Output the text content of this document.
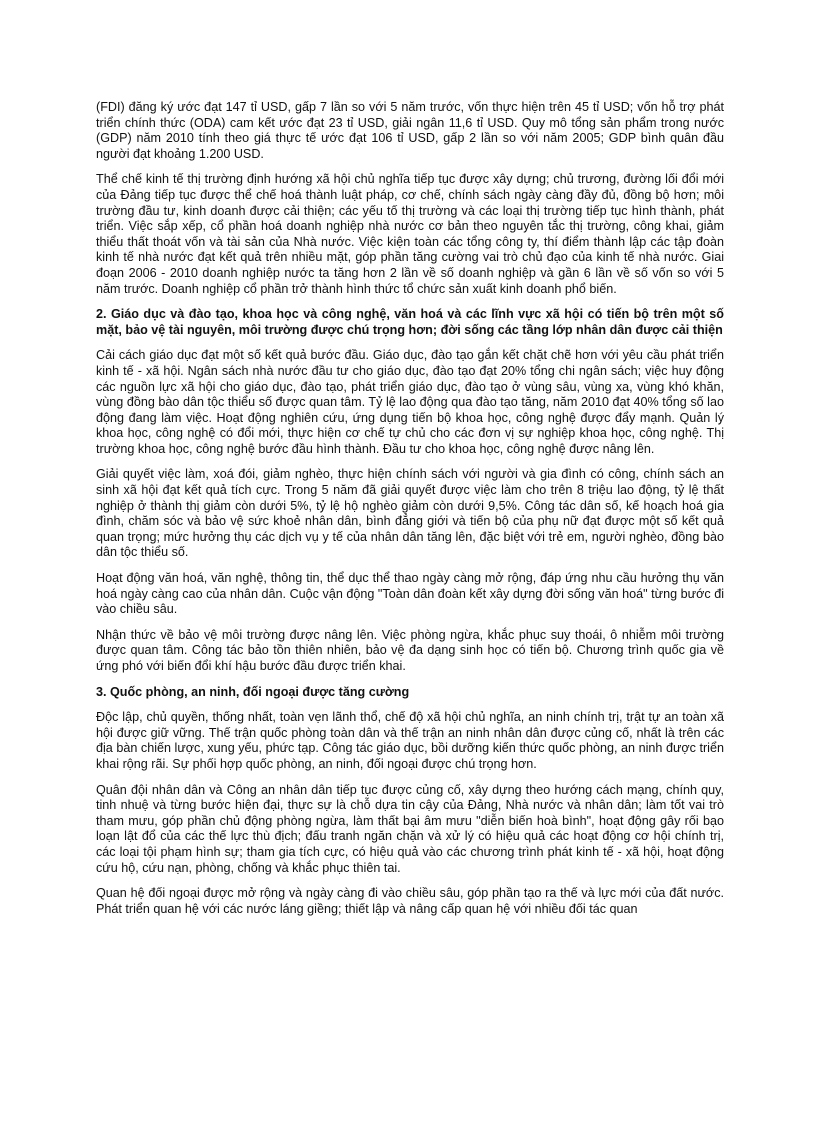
(FDI) đăng ký ước đạt 147 tỉ USD, gấp 7 lần so với 5 năm trước, vốn thực hiện trên 45 tỉ USD; vốn hỗ trợ phát triển chính thức (ODA) cam kết ước đạt 23 tỉ USD, giải ngân 11,6 tỉ USD. Quy mô tổng sản phẩm trong nước (GDP) năm 2010 tính theo giá thực tế ước đạt 106 tỉ USD, gấp 2 lần so với năm 2005; GDP bình quân đầu người đạt khoảng 1.200 USD.

Thể chế kinh tế thị trường định hướng xã hội chủ nghĩa tiếp tục được xây dựng; chủ trương, đường lối đổi mới của Đảng tiếp tục được thể chế hoá thành luật pháp, cơ chế, chính sách ngày càng đầy đủ, đồng bộ hơn; môi trường đầu tư, kinh doanh được cải thiện; các yếu tố thị trường và các loại thị trường tiếp tục hình thành, phát triển. Việc sắp xếp, cổ phần hoá doanh nghiệp nhà nước cơ bản theo nguyên tắc thị trường, công khai, giảm thiểu thất thoát vốn và tài sản của Nhà nước. Việc kiện toàn các tổng công ty, thí điểm thành lập các tập đoàn kinh tế nhà nước đạt kết quả trên nhiều mặt, góp phần tăng cường vai trò chủ đạo của kinh tế nhà nước. Giai đoạn 2006 - 2010 doanh nghiệp nước ta tăng hơn 2 lần về số doanh nghiệp và gần 6 lần về số vốn so với 5 năm trước. Doanh nghiệp cổ phần trở thành hình thức tổ chức sản xuất kinh doanh phổ biến.

2. Giáo dục và đào tạo, khoa học và công nghệ, văn hoá và các lĩnh vực xã hội có tiến bộ trên một số mặt, bảo vệ tài nguyên, môi trường được chú trọng hơn; đời sống các tầng lớp nhân dân được cải thiện

Cải cách giáo dục đạt một số kết quả bước đầu. Giáo dục, đào tạo gắn kết chặt chẽ hơn với yêu cầu phát triển kinh tế - xã hội. Ngân sách nhà nước đầu tư cho giáo dục, đào tạo đạt 20% tổng chi ngân sách; việc huy động các nguồn lực xã hội cho giáo dục, đào tạo, phát triển giáo dục, đào tạo ở vùng sâu, vùng xa, vùng khó khăn, vùng đồng bào dân tộc thiểu số được quan tâm. Tỷ lệ lao động qua đào tạo tăng, năm 2010 đạt 40% tổng số lao động đang làm việc. Hoạt động nghiên cứu, ứng dụng tiến bộ khoa học, công nghệ được đẩy mạnh. Quản lý khoa học, công nghệ có đổi mới, thực hiện cơ chế tự chủ cho các đơn vị sự nghiệp khoa học, công nghệ. Thị trường khoa học, công nghệ bước đầu hình thành. Đầu tư cho khoa học, công nghệ được nâng lên.

Giải quyết việc làm, xoá đói, giảm nghèo, thực hiện chính sách với người và gia đình có công, chính sách an sinh xã hội đạt kết quả tích cực. Trong 5 năm đã giải quyết được việc làm cho trên 8 triệu lao động, tỷ lệ thất nghiệp ở thành thị giảm còn dưới 5%, tỷ lệ hộ nghèo giảm còn dưới 9,5%. Công tác dân số, kế hoạch hoá gia đình, chăm sóc và bảo vệ sức khoẻ nhân dân, bình đẳng giới và tiến bộ của phụ nữ đạt được một số kết quả quan trọng; mức hưởng thụ các dịch vụ y tế của nhân dân tăng lên, đặc biệt với trẻ em, người nghèo, đồng bào dân tộc thiểu số.

Hoạt động văn hoá, văn nghệ, thông tin, thể dục thể thao ngày càng mở rộng, đáp ứng nhu cầu hưởng thụ văn hoá ngày càng cao của nhân dân. Cuộc vận động "Toàn dân đoàn kết xây dựng đời sống văn hoá" từng bước đi vào chiều sâu.

Nhận thức về bảo vệ môi trường được nâng lên. Việc phòng ngừa, khắc phục suy thoái, ô nhiễm môi trường được quan tâm. Công tác bảo tồn thiên nhiên, bảo vệ đa dạng sinh học có tiến bộ. Chương trình quốc gia về ứng phó với biến đổi khí hậu bước đầu được triển khai.

3. Quốc phòng, an ninh, đối ngoại được tăng cường

Độc lập, chủ quyền, thống nhất, toàn vẹn lãnh thổ, chế độ xã hội chủ nghĩa, an ninh chính trị, trật tự an toàn xã hội được giữ vững. Thế trận quốc phòng toàn dân và thế trận an ninh nhân dân được củng cố, nhất là trên các địa bàn chiến lược, xung yếu, phức tạp. Công tác giáo dục, bồi dưỡng kiến thức quốc phòng, an ninh được triển khai rộng rãi. Sự phối hợp quốc phòng, an ninh, đối ngoại được chú trọng hơn.

Quân đội nhân dân và Công an nhân dân tiếp tục được củng cố, xây dựng theo hướng cách mạng, chính quy, tinh nhuệ và từng bước hiện đại, thực sự là chỗ dựa tin cậy của Đảng, Nhà nước và nhân dân; làm tốt vai trò tham mưu, góp phần chủ động phòng ngừa, làm thất bại âm mưu "diễn biến hoà bình", hoạt động gây rối bạo loạn lật đổ của các thế lực thù địch; đấu tranh ngăn chặn và xử lý có hiệu quả các hoạt động cơ hội chính trị, các loại tội phạm hình sự; tham gia tích cực, có hiệu quả vào các chương trình phát kinh tế - xã hội, hoạt động cứu hộ, cứu nạn, phòng, chống và khắc phục thiên tai.

Quan hệ đối ngoại được mở rộng và ngày càng đi vào chiều sâu, góp phần tạo ra thế và lực mới của đất nước. Phát triển quan hệ với các nước láng giềng; thiết lập và nâng cấp quan hệ với nhiều đối tác quan
